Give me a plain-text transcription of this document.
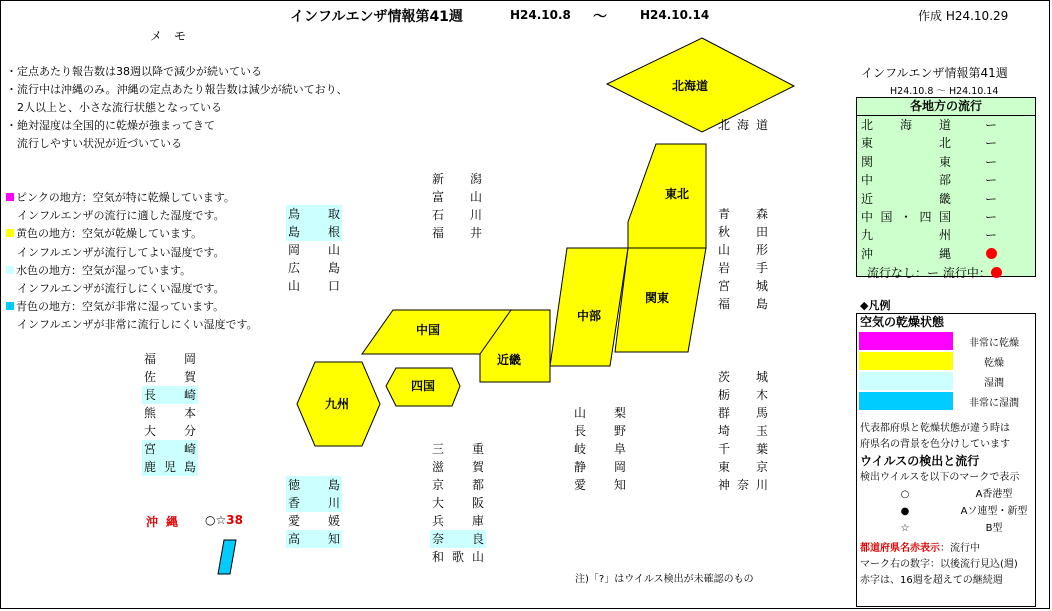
インフルエンザ情報第41週	H24.10.8 〜	H24.10.14	作成 H24.10.29
メモ
・定点あたり報告数は38週以降で減少が続いている
・流行中は沖縄のみ。沖縄の定点あたり報告数は減少が続いており、
　2人以上と、小さな流行状態となっている
・絶対湿度は全国的に乾燥が強まってきて
　流行しやすい状況が近づいている
ピンクの地方：空気が特に乾燥しています。
　インフルエンザの流行に適した湿度です。
黄色の地方：空気が乾燥しています。
　インフルエンザが流行してよい湿度です。
水色の地方：空気が湿っています。
　インフルエンザが流行しにくい湿度です。
青色の地方：空気が非常に湿っています。
　インフルエンザが非常に流行しにくい湿度です。
北海道
東北
関東
中部
近畿
中国
四国
九州
北 海 道
青 森
秋 田
山 形
岩 手
宮 城
福 島
新 潟
富 山
石 川
福 井
鳥 取
島 根
岡 山
広 島
山 口
茨 城
栃 木
群 馬
埼 玉
千 葉
東 京
神 奈 川
山 梨
長 野
岐 阜
静 岡
愛 知
三 重
滋 賀
京 都
大 阪
兵 庫
奈 良
和 歌 山
福 岡
佐 賀
長 崎
熊 本
大 分
宮 崎
鹿 児 島
徳 島
香 川
愛 媛
高 知
沖縄 ○☆38
注)「?」はウイルス検出が未確認のもの
インフルエンザ情報第41週
H24.10.8 〜 H24.10.14
各地方の流行
北 海 道	ー
東	北	ー
関	東	ー
中	部	ー
近	畿	ー
中 国 ・ 四 国	ー
九	州	ー
沖	縄
流行なし：ー 流行中：
◆凡例
空気の乾燥状態
非常に乾燥
乾燥
湿潤
非常に湿潤
代表都府県と乾燥状態が違う時は
府県名の背景を色分けしています
ウイルスの検出と流行
検出ウイルスを以下のマークで表示
○	A香港型
●	Aソ連型・新型
☆	B型
都道府県名赤表示：流行中
マーク右の数字：以後流行見込(週)
赤字は、16週を超えての継続週
